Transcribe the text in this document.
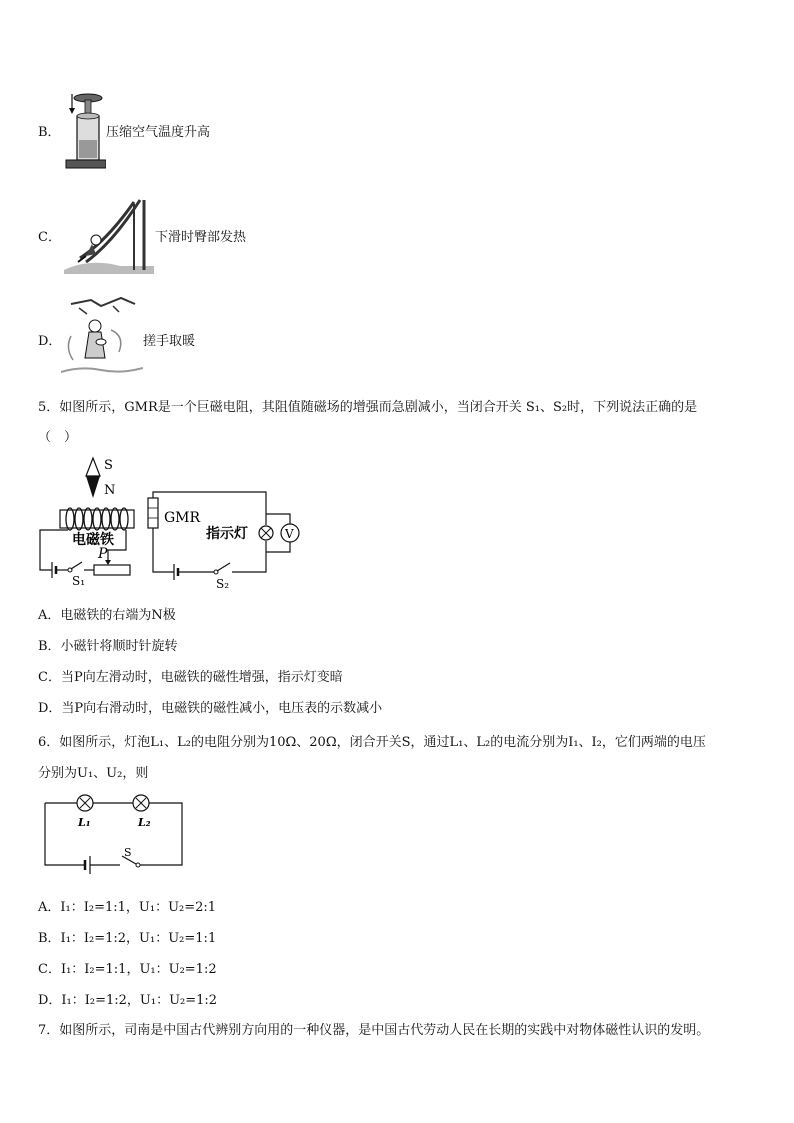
B．	压缩空气温度升高
C．	下滑时臀部发热
D．	搓手取暖
5．如图所示，GMR是一个巨磁电阻，其阻值随磁场的增强而急剧减小，当闭合开关 S₁、S₂时，下列说法正确的是
（　）
S
N
电磁铁
S₁
P
GMR
S₂
指示灯	V
A．电磁铁的右端为N极
B．小磁针将顺时针旋转
C．当P向左滑动时，电磁铁的磁性增强，指示灯变暗
D．当P向右滑动时，电磁铁的磁性减小，电压表的示数减小
6．如图所示，灯泡L₁、L₂的电阻分别为10Ω、20Ω，闭合开关S，通过L₁、L₂的电流分别为I₁、I₂，它们两端的电压
分别为U₁、U₂，则
L₁	L₂
S
A．I₁：I₂=1:1，U₁：U₂=2:1
B．I₁：I₂=1:2，U₁：U₂=1:1
C．I₁：I₂=1:1，U₁：U₂=1:2
D．I₁：I₂=1:2，U₁：U₂=1:2
7．如图所示，司南是中国古代辨别方向用的一种仪器，是中国古代劳动人民在长期的实践中对物体磁性认识的发明。
